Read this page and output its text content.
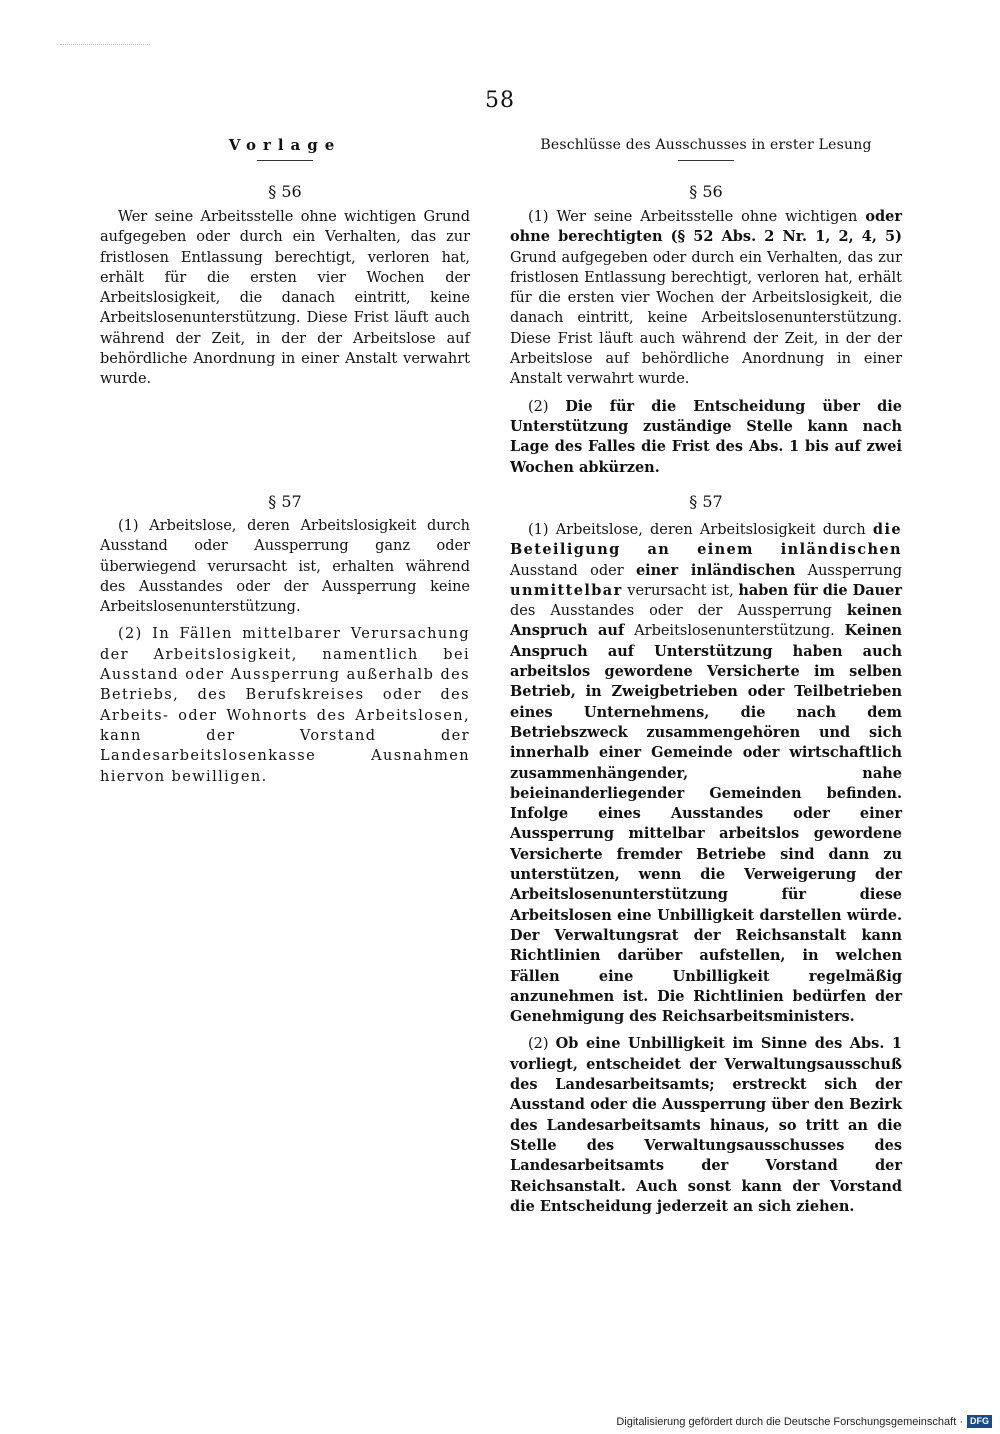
58
Vorlage
§ 56

Wer seine Arbeitsstelle ohne wichtigen Grund aufgegeben oder durch ein Verhalten, das zur fristlosen Entlassung berechtigt, verloren hat, erhält für die ersten vier Wochen der Arbeitslosigkeit, die danach eintritt, keine Arbeitslosenunterstützung. Diese Frist läuft auch während der Zeit, in der der Arbeitslose auf behördliche Anordnung in einer Anstalt verwahrt wurde.

§ 57

(1) Arbeitslose, deren Arbeitslosigkeit durch Ausstand oder Aussperrung ganz oder überwiegend verursacht ist, erhalten während des Ausstandes oder der Aussperrung keine Arbeitslosenunterstützung.

(2) In Fällen mittelbarer Verursachung der Arbeitslosigkeit, namentlich bei Ausstand oder Aussperrung außerhalb des Betriebs, des Berufskreises oder des Arbeits- oder Wohnorts des Arbeitslosen, kann der Vorstand der Landesarbeitslosenkasse Ausnahmen hiervon bewilligen.

Beschlüsse des Ausschusses in erster Lesung
§ 56

(1) Wer seine Arbeitsstelle ohne wichtigen oder ohne berechtigten (§ 52 Abs. 2 Nr. 1, 2, 4, 5) Grund aufgegeben oder durch ein Verhalten, das zur fristlosen Entlassung berechtigt, verloren hat, erhält für die ersten vier Wochen der Arbeitslosigkeit, die danach eintritt, keine Arbeitslosenunterstützung. Diese Frist läuft auch während der Zeit, in der der Arbeitslose auf behördliche Anordnung in einer Anstalt verwahrt wurde.

(2) Die für die Entscheidung über die Unterstützung zuständige Stelle kann nach Lage des Falles die Frist des Abs. 1 bis auf zwei Wochen abkürzen.

§ 57

(1) Arbeitslose, deren Arbeitslosigkeit durch die Beteiligung an einem inländischen Ausstand oder einer inländischen Aussperrung unmittelbar verursacht ist, haben für die Dauer des Ausstandes oder der Aussperrung keinen Anspruch auf Arbeitslosenunterstützung. Keinen Anspruch auf Unterstützung haben auch arbeitslos gewordene Versicherte im selben Betrieb, in Zweigbetrieben oder Teilbetrieben eines Unternehmens, die nach dem Betriebszweck zusammengehören und sich innerhalb einer Gemeinde oder wirtschaftlich zusammenhängender, nahe beieinanderliegender Gemeinden befinden. Infolge eines Ausstandes oder einer Aussperrung mittelbar arbeitslos gewordene Versicherte fremder Betriebe sind dann zu unterstützen, wenn die Verweigerung der Arbeitslosenunterstützung für diese Arbeitslosen eine Unbilligkeit darstellen würde. Der Verwaltungsrat der Reichsanstalt kann Richtlinien darüber aufstellen, in welchen Fällen eine Unbilligkeit regelmäßig anzunehmen ist. Die Richtlinien bedürfen der Genehmigung des Reichsarbeitsministers.

(2) Ob eine Unbilligkeit im Sinne des Abs. 1 vorliegt, entscheidet der Verwaltungsausschuß des Landesarbeitsamts; erstreckt sich der Ausstand oder die Aussperrung über den Bezirk des Landesarbeitsamts hinaus, so tritt an die Stelle des Verwaltungsausschusses des Landesarbeitsamts der Vorstand der Reichsanstalt. Auch sonst kann der Vorstand die Entscheidung jederzeit an sich ziehen.

Digitalisierung gefördert durch die Deutsche Forschungsgemeinschaft · DFG
